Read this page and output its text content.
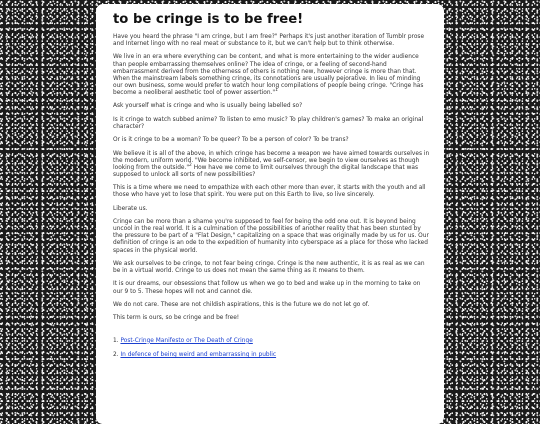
to be cringe is to be free!

Have you heard the phrase "I am cringe, but I am free?" Perhaps it's just another iteration of Tumblr prose and Internet lingo with no real meat or substance to it, but we can't help but to think otherwise.

We live in an era where everything can be content, and what is more entertaining to the wider audience than people embarrassing themselves online? The idea of cringe, or a feeling of second-hand embarrassment derived from the otherness of others is nothing new, however cringe is more than that. When the mainstream labels something cringe, its connotations are usually pejorative. In lieu of minding our own business, some would prefer to watch hour long compilations of people being cringe. "Cringe has become a neoliberal aesthetic tool of power assertion."$^1$

Ask yourself what is cringe and who is usually being labelled so?

Is it cringe to watch subbed anime? To listen to emo music? To play children's games? To make an original character?

Or is it cringe to be a woman? To be queer? To be a person of color? To be trans?

We believe it is all of the above, in which cringe has become a weapon we have aimed towards ourselves in the modern, uniform world. "We become inhibited, we self-censor, we begin to view ourselves as though looking from the outside."$^2$ How have we come to limit ourselves through the digital landscape that was supposed to unlock all sorts of new possibilities?

This is a time where we need to empathize with each other more than ever, it starts with the youth and all those who have yet to lose that spirit. You were put on this Earth to live, so live sincerely.

Liberate us.

Cringe can be more than a shame you're supposed to feel for being the odd one out. It is beyond being uncool in the real world. It is a culmination of the possibilities of another reality that has been stunted by the pressure to be part of a "Flat Design," capitalizing on a space that was originally made by us for us. Our definition of cringe is an ode to the expedition of humanity into cyberspace as a place for those who lacked spaces in the physical world.

We ask ourselves to be cringe, to not fear being cringe. Cringe is the new authentic, it is as real as we can be in a virtual world. Cringe to us does not mean the same thing as it means to them.

It is our dreams, our obsessions that follow us when we go to bed and wake up in the morning to take on our 9 to 5. These hopes will not and cannot die.

We do not care. These are not childish aspirations, this is the future we do not let go of.

This term is ours, so be cringe and be free!

1. Post-Cringe Manifesto or The Death of Cringe
2. In defence of being weird and embarrassing in public
